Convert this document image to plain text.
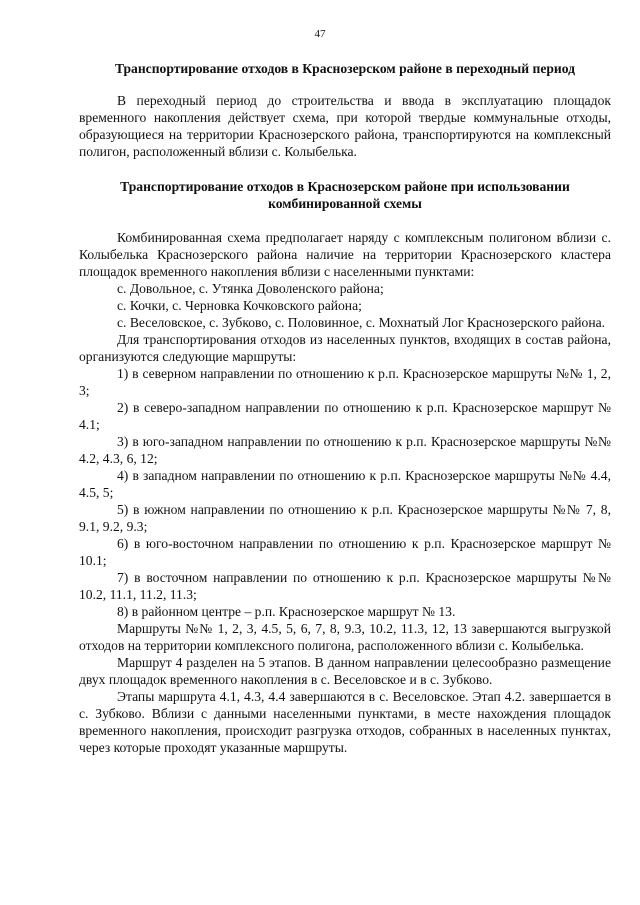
47
Транспортирование отходов в Краснозерском районе в переходный период

В переходный период до строительства и ввода в эксплуатацию площадок временного накопления действует схема, при которой твердые коммунальные отходы, образующиеся на территории Краснозерского района, транспортируются на комплексный полигон, расположенный вблизи с. Колыбелька.

Транспортирование отходов в Краснозерском районе при использовании комбинированной схемы

Комбинированная схема предполагает наряду с комплексным полигоном вблизи с. Колыбелька Краснозерского района наличие на территории Краснозерского кластера площадок временного накопления вблизи с населенными пунктами:

с. Довольное, с. Утянка Доволенского района;

с. Кочки, с. Черновка Кочковского района;

с. Веселовское, с. Зубково, с. Половинное, с. Мохнатый Лог Краснозерского района.

Для транспортирования отходов из населенных пунктов, входящих в состав района, организуются следующие маршруты:

1) в северном направлении по отношению к р.п. Краснозерское маршруты №№ 1, 2, 3;

2) в северо-западном направлении по отношению к р.п. Краснозерское маршрут № 4.1;

3) в юго-западном направлении по отношению к р.п. Краснозерское маршруты №№ 4.2, 4.3, 6, 12;

4) в западном направлении по отношению к р.п. Краснозерское маршруты №№ 4.4, 4.5, 5;

5) в южном направлении по отношению к р.п. Краснозерское маршруты №№ 7, 8, 9.1, 9.2, 9.3;

6) в юго-восточном направлении по отношению к р.п. Краснозерское маршрут № 10.1;

7) в восточном направлении по отношению к р.п. Краснозерское маршруты №№ 10.2, 11.1, 11.2, 11.3;

8) в районном центре – р.п. Краснозерское маршрут № 13.

Маршруты №№ 1, 2, 3, 4.5, 5, 6, 7, 8, 9.3, 10.2, 11.3, 12, 13 завершаются выгрузкой отходов на территории комплексного полигона, расположенного вблизи с. Колыбелька.

Маршрут 4 разделен на 5 этапов. В данном направлении целесообразно размещение двух площадок временного накопления в с. Веселовское и в с. Зубково.

Этапы маршрута 4.1, 4.3, 4.4 завершаются в с. Веселовское. Этап 4.2. завершается в с. Зубково. Вблизи с данными населенными пунктами, в месте нахождения площадок временного накопления, происходит разгрузка отходов, собранных в населенных пунктах, через которые проходят указанные маршруты.
